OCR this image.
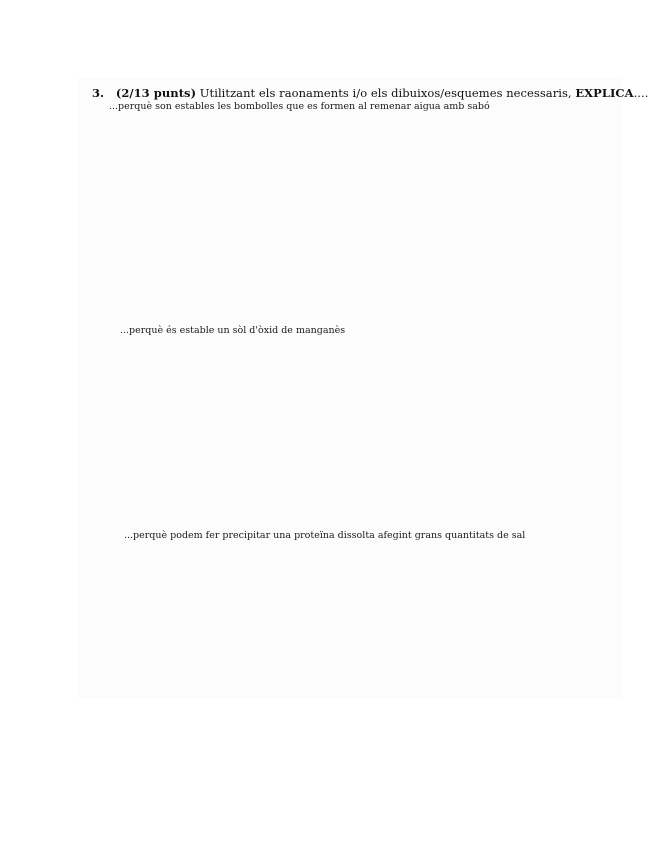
3. (2/13 punts) Utilitzant els raonaments i/o els dibuixos/esquemes necessaris, EXPLICA....
...perquè son estables les bombolles que es formen al remenar aigua amb sabó
...perquè és estable un sòl d'òxid de manganès
...perquè podem fer precipitar una proteïna dissolta afegint grans quantitats de sal
